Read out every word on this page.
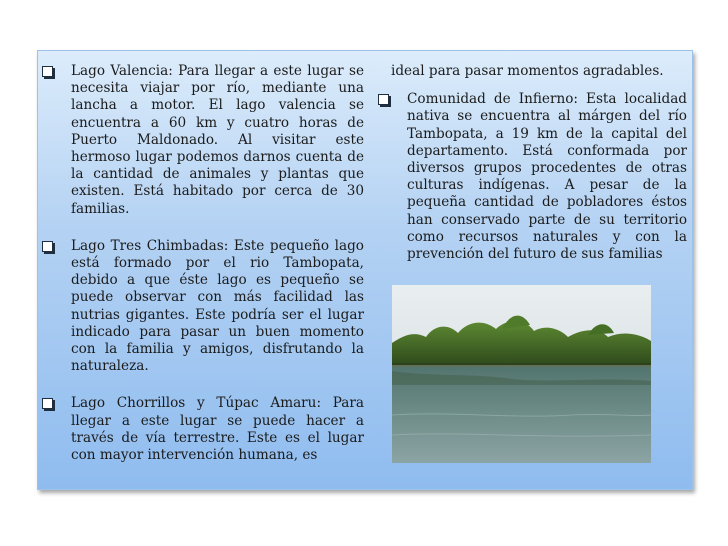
Lago Valencia: Para llegar a este lugar se necesita viajar por río, mediante una lancha a motor. El lago valencia se encuentra a 60 km y cuatro horas de Puerto Maldonado. Al visitar este hermoso lugar podemos darnos cuenta de la cantidad de animales y plantas que existen. Está habitado por cerca de 30 familias.

Lago Tres Chimbadas: Este pequeño lago está formado por el rio Tambopata, debido a que éste lago es pequeño se puede observar con más facilidad las nutrias gigantes. Este podría ser el lugar indicado para pasar un buen momento con la familia y amigos, disfrutando la naturaleza.

Lago Chorrillos y Túpac Amaru: Para llegar a este lugar se puede hacer a través de vía terrestre. Este es el lugar con mayor intervención humana, es

ideal para pasar momentos agradables.

Comunidad de Infierno: Esta localidad nativa se encuentra al márgen del río Tambopata, a 19 km de la capital del departamento. Está conformada por diversos grupos procedentes de otras culturas indígenas. A pesar de la pequeña cantidad de pobladores éstos han conservado parte de su territorio como recursos naturales y con la prevención del futuro de sus familias
